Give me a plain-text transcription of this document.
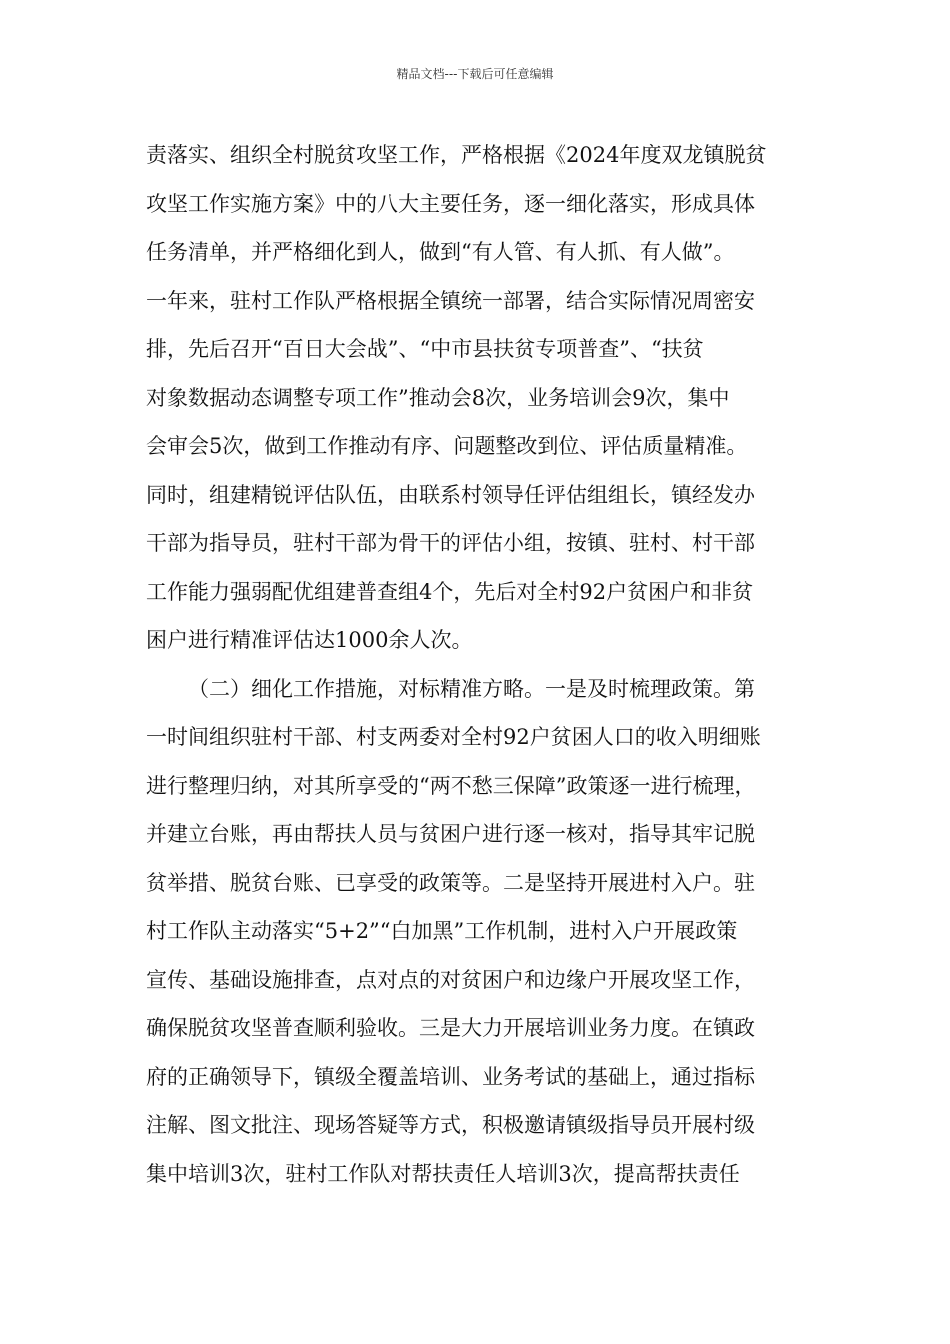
精品文档---下载后可任意编辑
责落实、组织全村脱贫攻坚工作，严格根据《2024年度双龙镇脱贫
攻坚工作实施方案》中的八大主要任务，逐一细化落实，形成具体
任务清单，并严格细化到人，做到“有人管、有人抓、有人做”。
一年来，驻村工作队严格根据全镇统一部署，结合实际情况周密安
排，先后召开“百日大会战”、“中市县扶贫专项普查”、“扶贫
对象数据动态调整专项工作”推动会8次，业务培训会9次，集中
会审会5次，做到工作推动有序、问题整改到位、评估质量精准。
同时，组建精锐评估队伍，由联系村领导任评估组组长，镇经发办
干部为指导员，驻村干部为骨干的评估小组，按镇、驻村、村干部
工作能力强弱配优组建普查组4个，先后对全村92户贫困户和非贫
困户进行精准评估达1000余人次。
（二）细化工作措施，对标精准方略。一是及时梳理政策。第
一时间组织驻村干部、村支两委对全村92户贫困人口的收入明细账
进行整理归纳，对其所享受的“两不愁三保障”政策逐一进行梳理，
并建立台账，再由帮扶人员与贫困户进行逐一核对，指导其牢记脱
贫举措、脱贫台账、已享受的政策等。二是坚持开展进村入户。驻
村工作队主动落实“5+2”“白加黑”工作机制，进村入户开展政策
宣传、基础设施排查，点对点的对贫困户和边缘户开展攻坚工作，
确保脱贫攻坚普查顺利验收。三是大力开展培训业务力度。在镇政
府的正确领导下，镇级全覆盖培训、业务考试的基础上，通过指标
注解、图文批注、现场答疑等方式，积极邀请镇级指导员开展村级
集中培训3次，驻村工作队对帮扶责任人培训3次，提高帮扶责任
